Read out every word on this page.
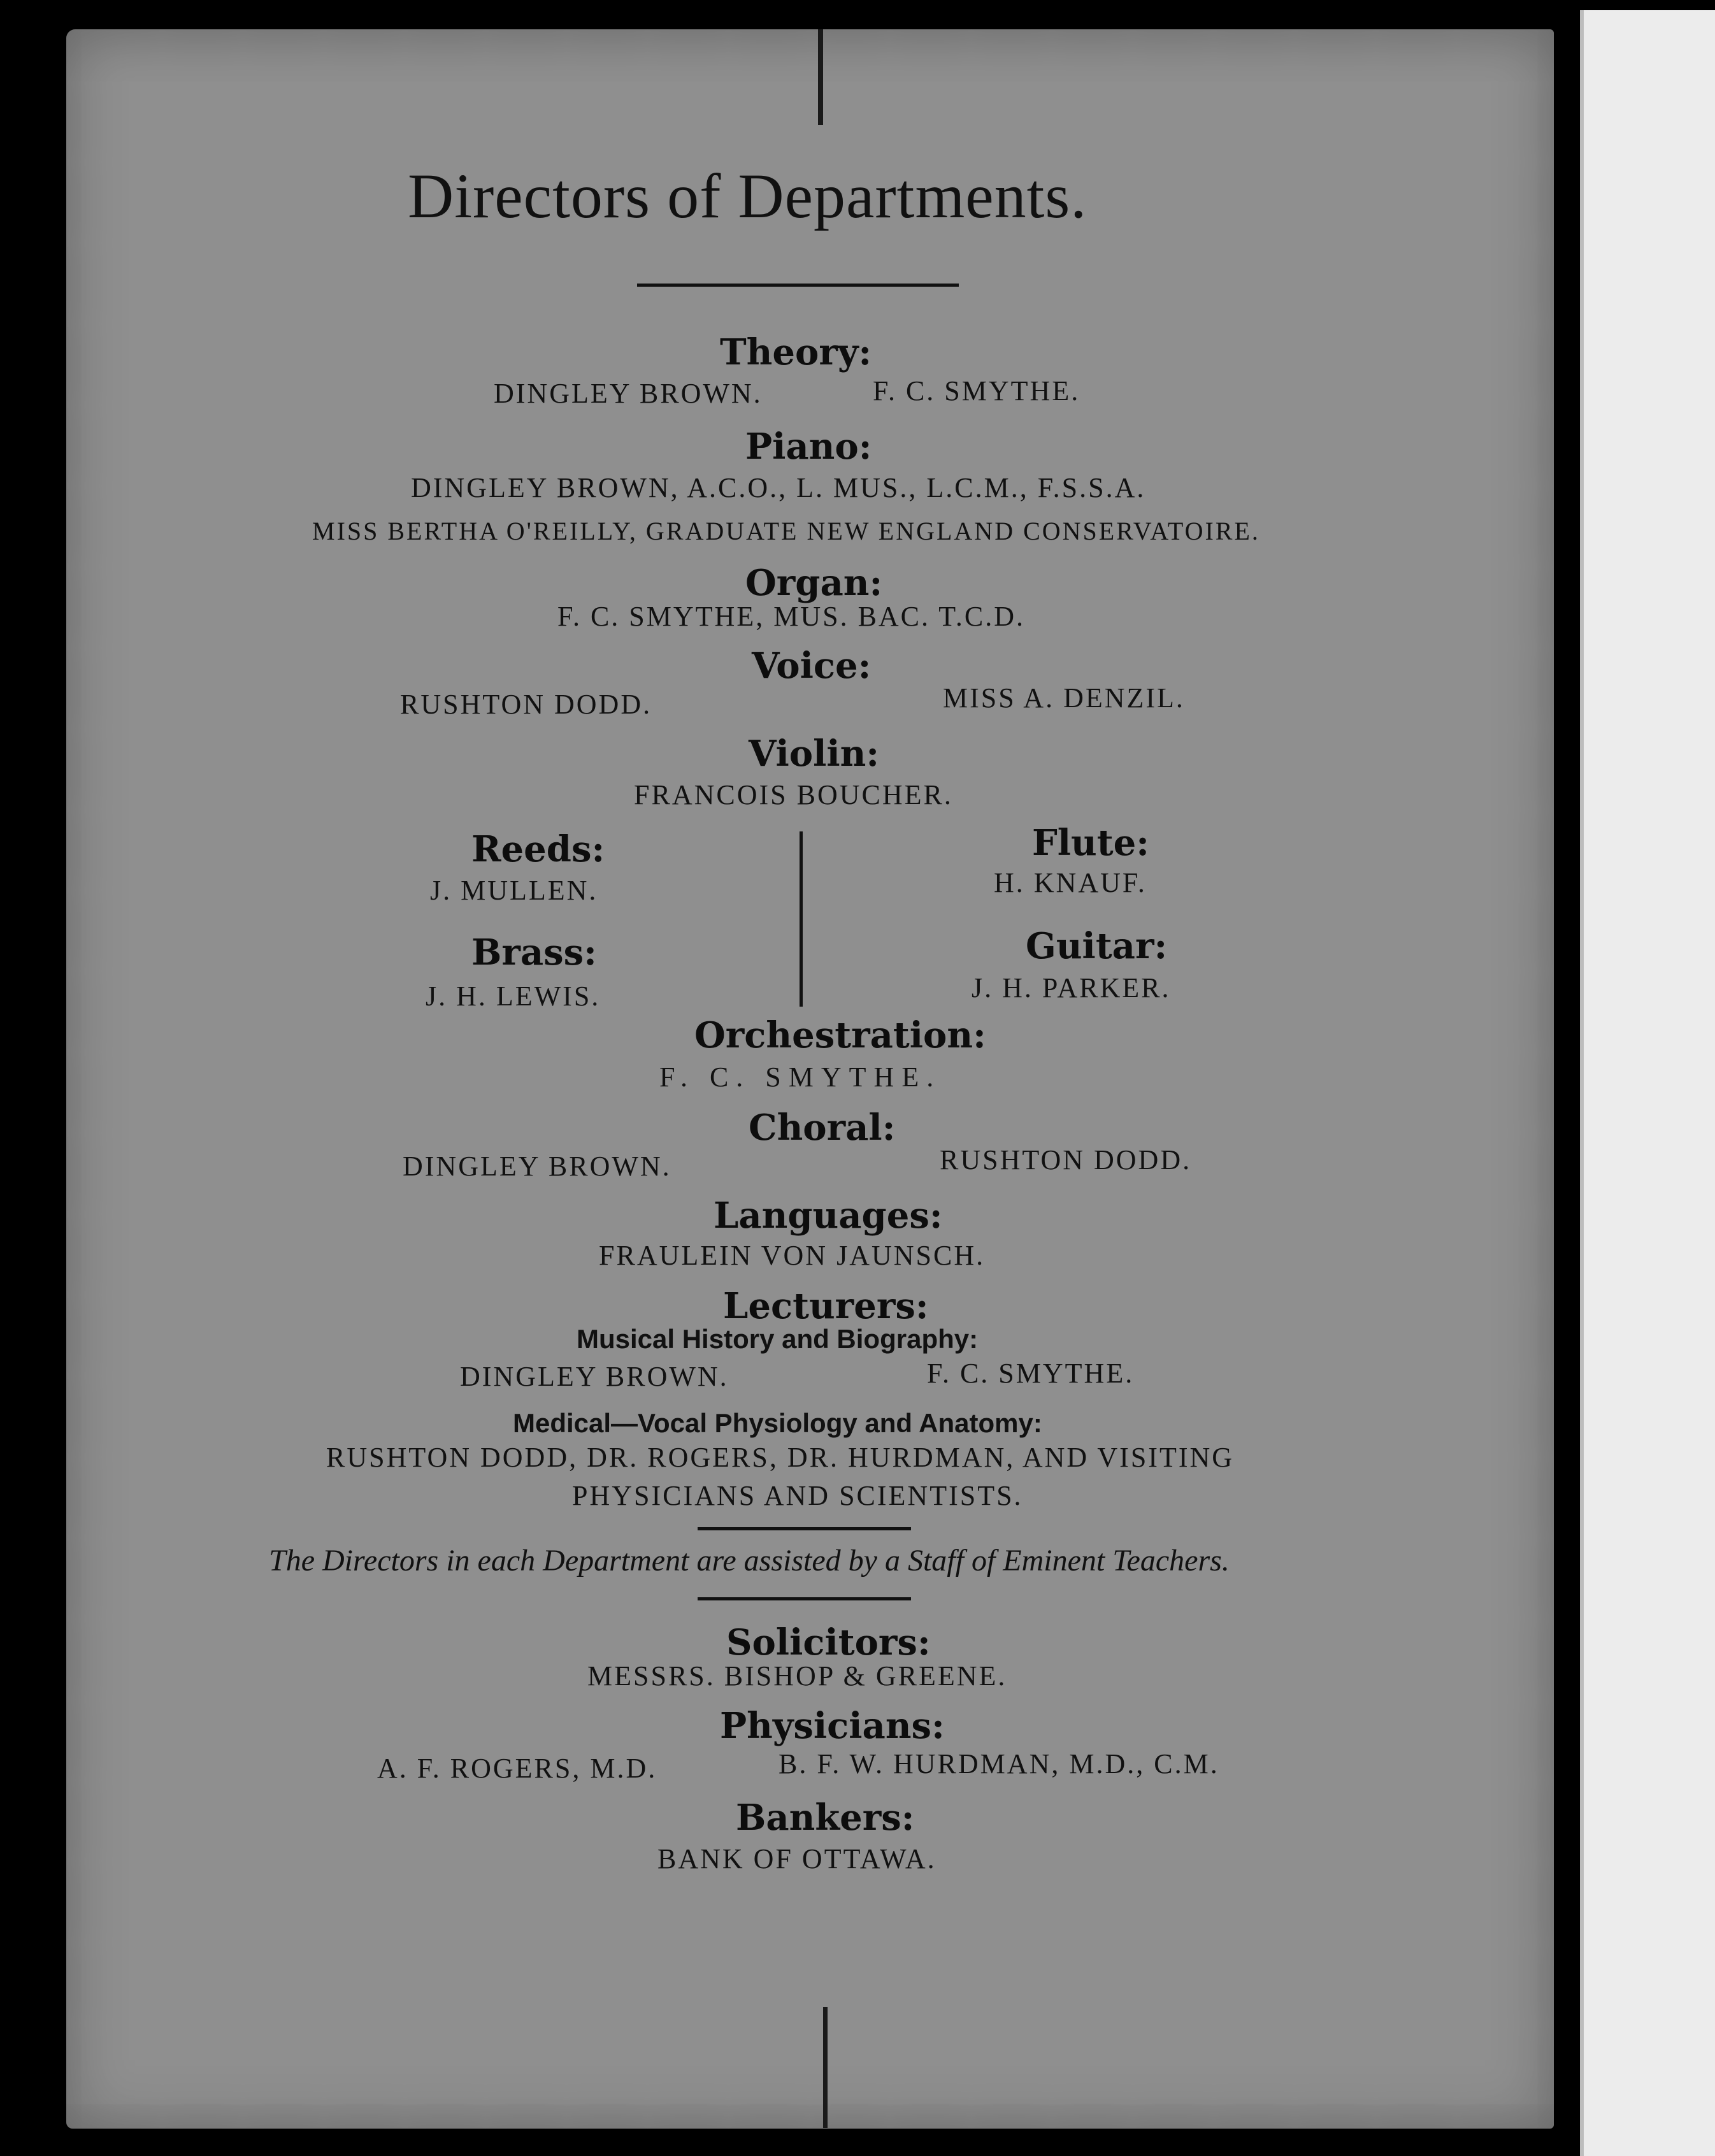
Directors of Departments.
Theory:
DINGLEY BROWN.	F. C. SMYTHE.
Piano:
DINGLEY BROWN, A.C.O., L. MUS., L.C.M., F.S.S.A.
MISS BERTHA O'REILLY, GRADUATE NEW ENGLAND CONSERVATOIRE.
Organ:
F. C. SMYTHE, MUS. BAC. T.C.D.
Voice:
RUSHTON DODD.	MISS A. DENZIL.
Violin:
FRANCOIS BOUCHER.
Reeds:
J. MULLEN.
Flute:
H. KNAUF.
Brass:
J. H. LEWIS.
Guitar:
J. H. PARKER.
Orchestration:
F. C. SMYTHE.
Choral:
DINGLEY BROWN.	RUSHTON DODD.
Languages:
FRAULEIN VON JAUNSCH.
Lecturers:
Musical History and Biography:
DINGLEY BROWN.	F. C. SMYTHE.
Medical—Vocal Physiology and Anatomy:
RUSHTON DODD, DR. ROGERS, DR. HURDMAN, AND VISITING
PHYSICIANS AND SCIENTISTS.
The Directors in each Department are assisted by a Staff of Eminent Teachers.
Solicitors:
MESSRS. BISHOP & GREENE.
Physicians:
A. F. ROGERS, M.D.	B. F. W. HURDMAN, M.D., C.M.
Bankers:
BANK OF OTTAWA.
